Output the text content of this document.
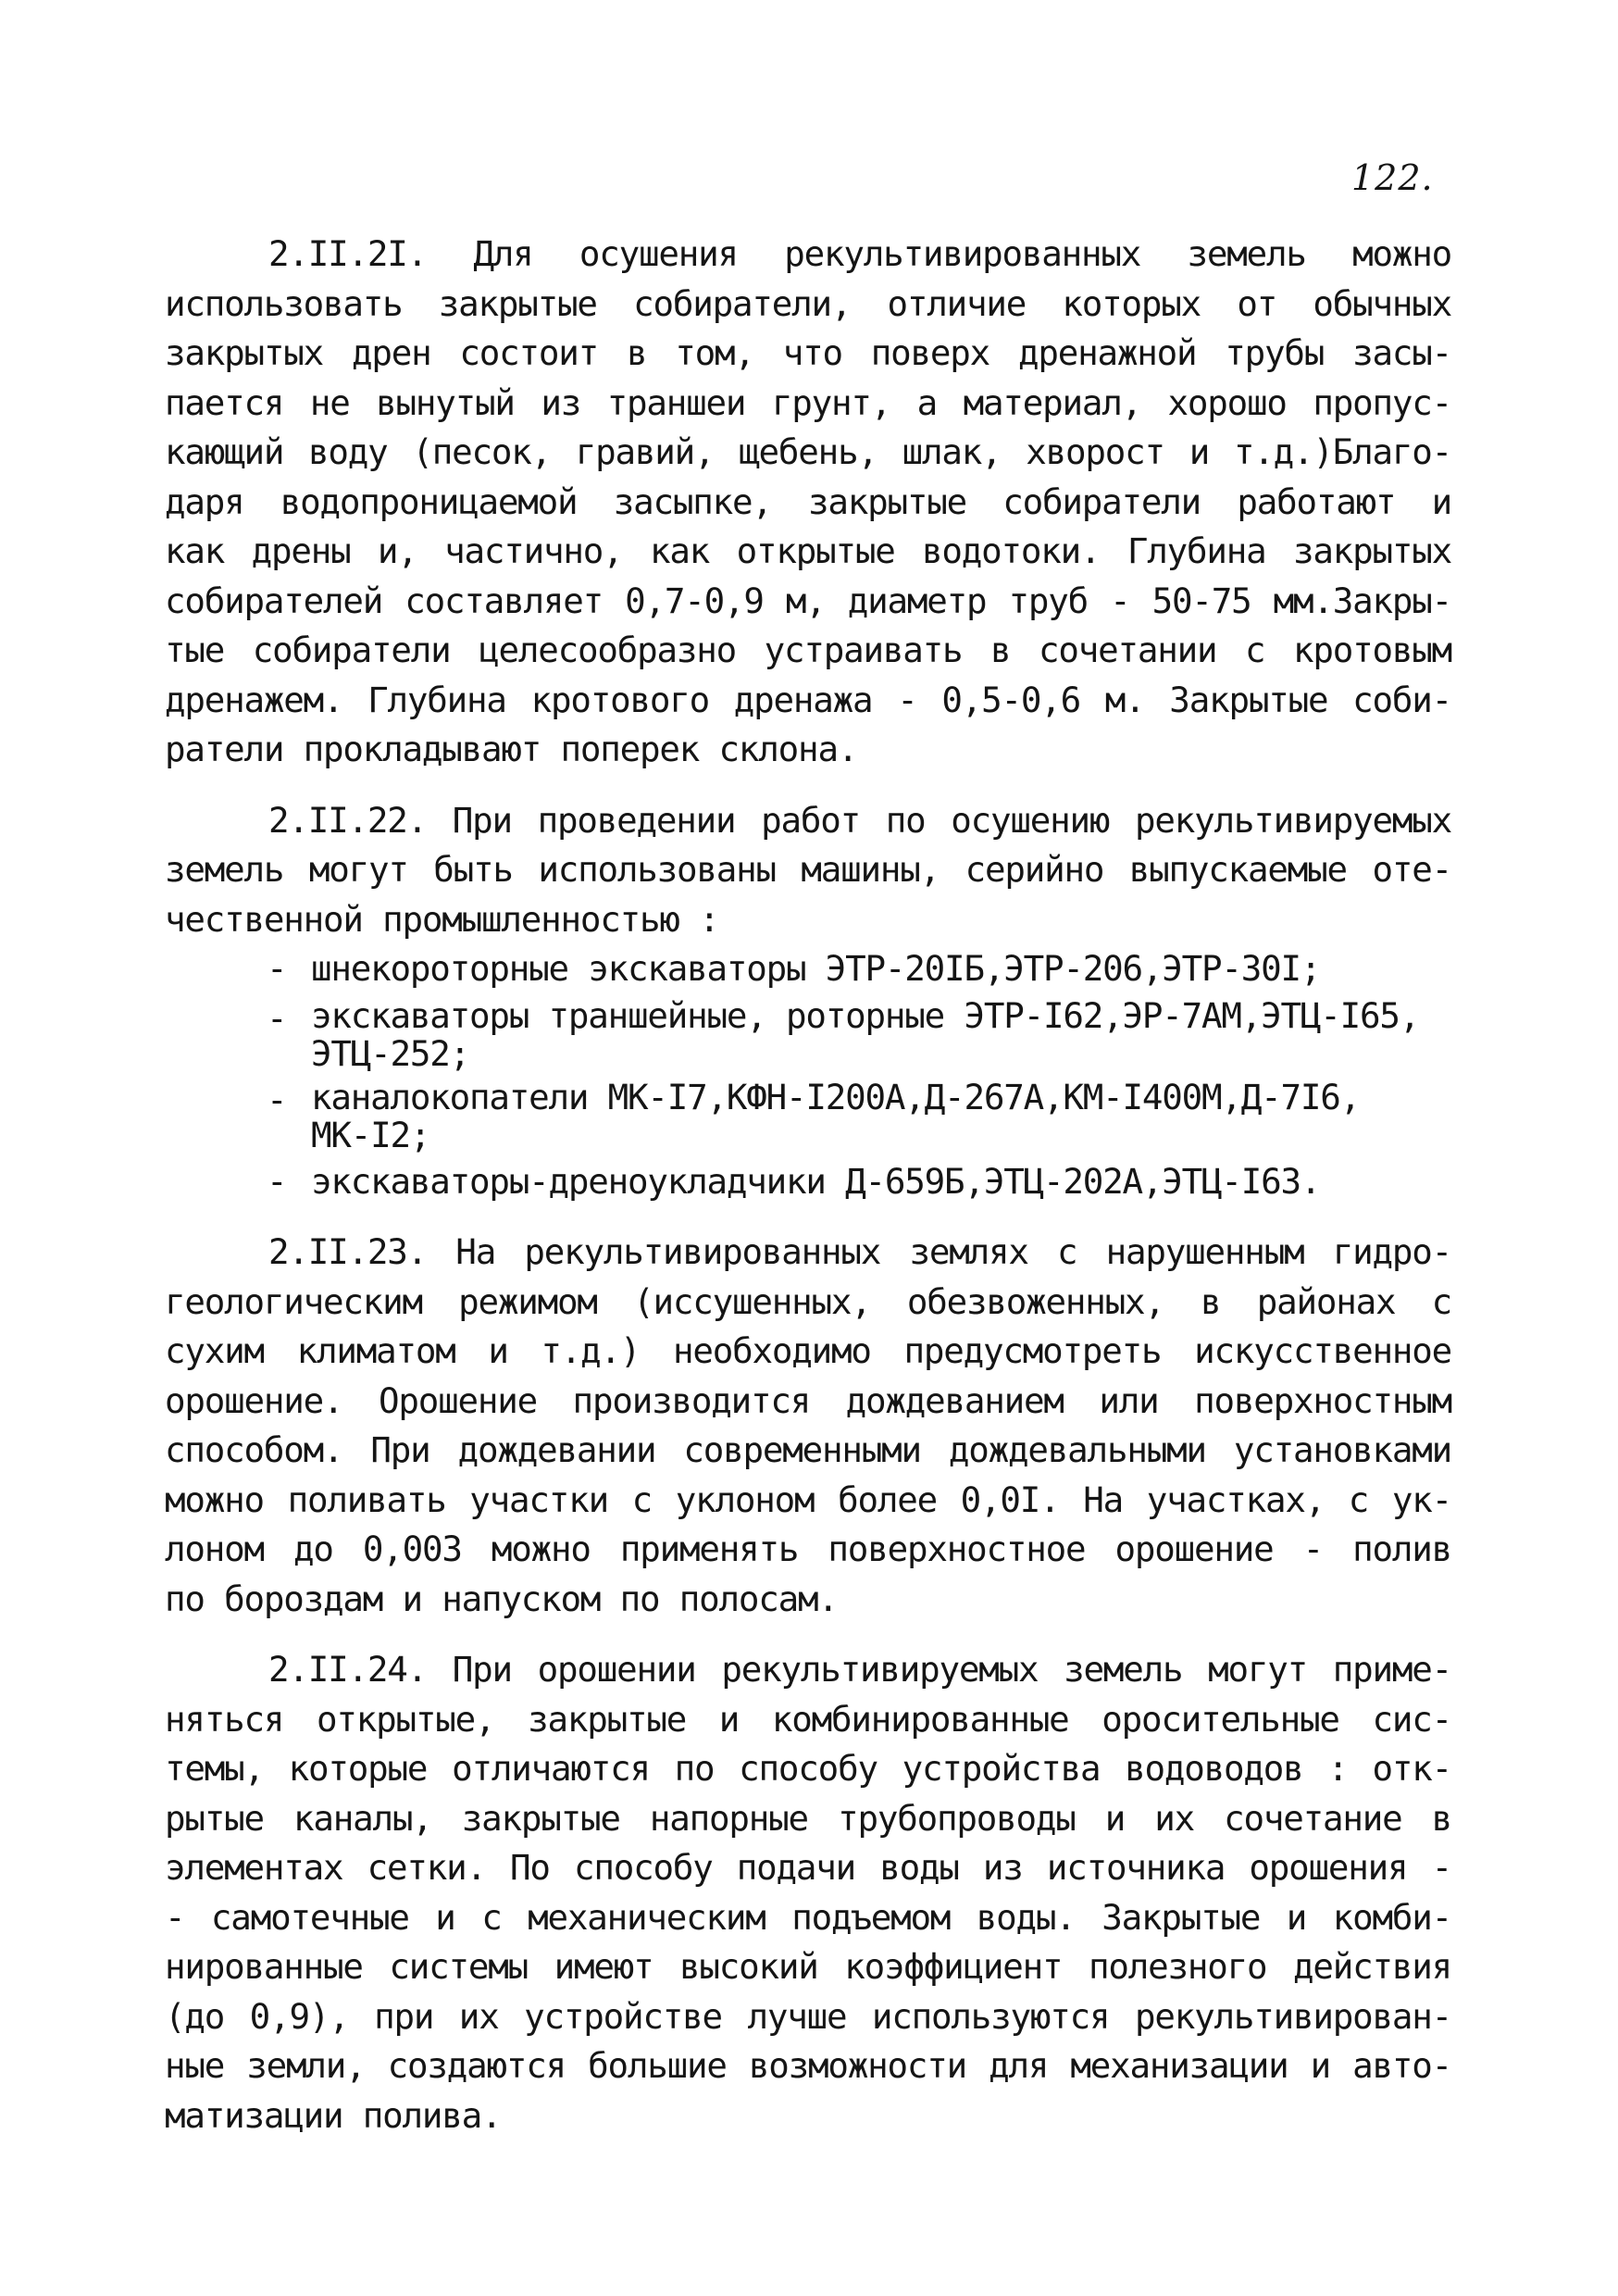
122.
2.II.2I. Для осушения рекультивированных земель можно
использовать закрытые собиратели, отличие которых от обычных
закрытых дрен состоит в том, что поверх дренажной трубы засы-
пается не вынутый из траншеи грунт, а материал, хорошо пропус-
кающий воду (песок, гравий, щебень, шлак, хворост и т.д.)Благо-
даря водопроницаемой засыпке, закрытые собиратели работают и
как дрены и, частично, как открытые водотоки. Глубина закрытых
собирателей составляет 0,7-0,9 м, диаметр труб - 50-75 мм.Закры-
тые собиратели целесообразно устраивать в сочетании с кротовым
дренажем. Глубина кротового дренажа - 0,5-0,6 м. Закрытые соби-
ратели прокладывают поперек склона.
2.II.22. При проведении работ по осушению рекультивируемых
земель могут быть использованы машины, серийно выпускаемые оте-
чественной промышленностью :
- шнекороторные экскаваторы ЭТР-20IБ,ЭТР-206,ЭТР-30I;
- экскаваторы траншейные, роторные ЭТР-I62,ЭР-7АМ,ЭТЦ-I65,
ЭТЦ-252;
- каналокопатели МК-I7,КФН-I200А,Д-267А,КМ-I400М,Д-7I6,
МК-I2;
- экскаваторы-дреноукладчики Д-659Б,ЭТЦ-202А,ЭТЦ-I63.
2.II.23. На рекультивированных землях с нарушенным гидро-
геологическим режимом (иссушенных, обезвоженных, в районах с
сухим климатом и т.д.) необходимо предусмотреть искусственное
орошение. Орошение производится дождеванием или поверхностным
способом. При дождевании современными дождевальными установками
можно поливать участки с уклоном более 0,0I. На участках, с ук-
лоном до 0,003 можно применять поверхностное орошение - полив
по бороздам и напуском по полосам.
2.II.24. При орошении рекультивируемых земель могут приме-
няться открытые, закрытые и комбинированные оросительные сис-
темы, которые отличаются по способу устройства водоводов : отк-
рытые каналы, закрытые напорные трубопроводы и их сочетание в
элементах сетки. По способу подачи воды из источника орошения -
- самотечные и с механическим подъемом воды. Закрытые и комби-
нированные системы имеют высокий коэффициент полезного действия
(до 0,9), при их устройстве лучше используются рекультивирован-
ные земли, создаются большие возможности для механизации и авто-
матизации полива.
